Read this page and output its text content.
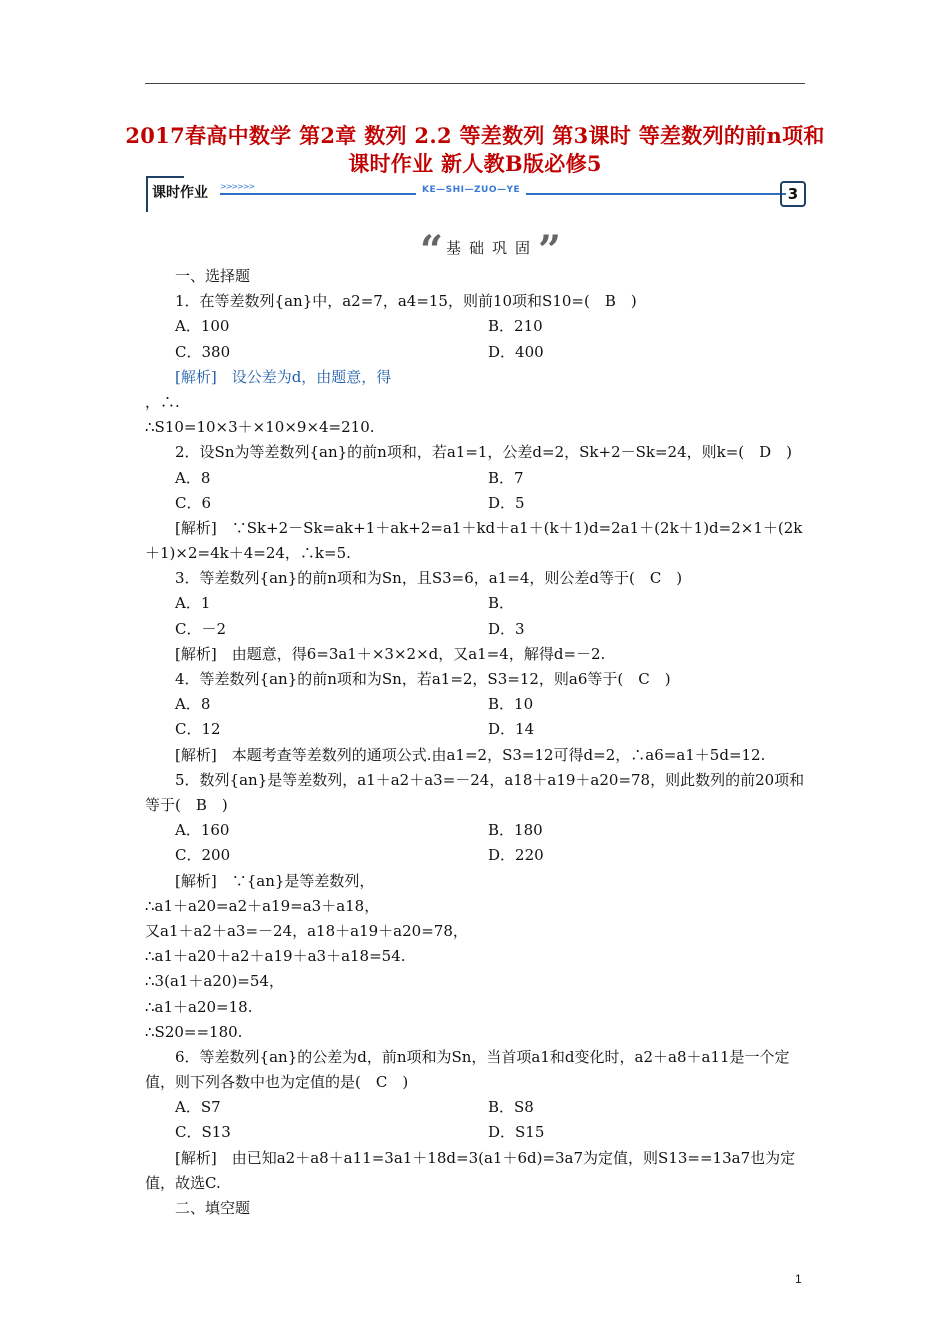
2017春高中数学 第2章 数列 2.2 等差数列 第3课时 等差数列的前n项和课时作业 新人教B版必修5
课时作业 >>>>>>	KE—SHI—ZUO—YE	3
“ 基础巩固 ”
一、选择题
1．在等差数列{an}中，a2=7，a4=15，则前10项和S10=(　B　)
A．100	B．210
C．380	D．400
[解析]　设公差为d，由题意，得
，∴.
∴S10=10×3＋×10×9×4=210.
2．设Sn为等差数列{an}的前n项和，若a1=1，公差d=2，Sk+2－Sk=24，则k=(　D　)
A．8	B．7
C．6	D．5
[解析]　∵Sk+2－Sk=ak+1＋ak+2=a1＋kd＋a1＋(k＋1)d=2a1＋(2k＋1)d=2×1＋(2k＋1)×2=4k＋4=24，∴k=5.
3．等差数列{an}的前n项和为Sn，且S3=6，a1=4，则公差d等于(　C　)
A．1	B．
C．－2	D．3
[解析]　由题意，得6=3a1＋×3×2×d，又a1=4，解得d=－2.
4．等差数列{an}的前n项和为Sn，若a1=2，S3=12，则a6等于(　C　)
A．8	B．10
C．12	D．14
[解析]　本题考查等差数列的通项公式.由a1=2，S3=12可得d=2，∴a6=a1＋5d=12.
5．数列{an}是等差数列，a1＋a2＋a3=－24，a18＋a19＋a20=78，则此数列的前20项和等于(　B　)
A．160	B．180
C．200	D．220
[解析]　∵{an}是等差数列，
∴a1＋a20=a2＋a19=a3＋a18，
又a1＋a2＋a3=－24，a18＋a19＋a20=78，
∴a1＋a20＋a2＋a19＋a3＋a18=54.
∴3(a1＋a20)=54，
∴a1＋a20=18.
∴S20==180.
6．等差数列{an}的公差为d，前n项和为Sn，当首项a1和d变化时，a2＋a8＋a11是一个定值，则下列各数中也为定值的是(　C　)
A．S7	B．S8
C．S13	D．S15
[解析]　由已知a2＋a8＋a11=3a1＋18d=3(a1＋6d)=3a7为定值，则S13==13a7也为定值，故选C.
二、填空题
1
